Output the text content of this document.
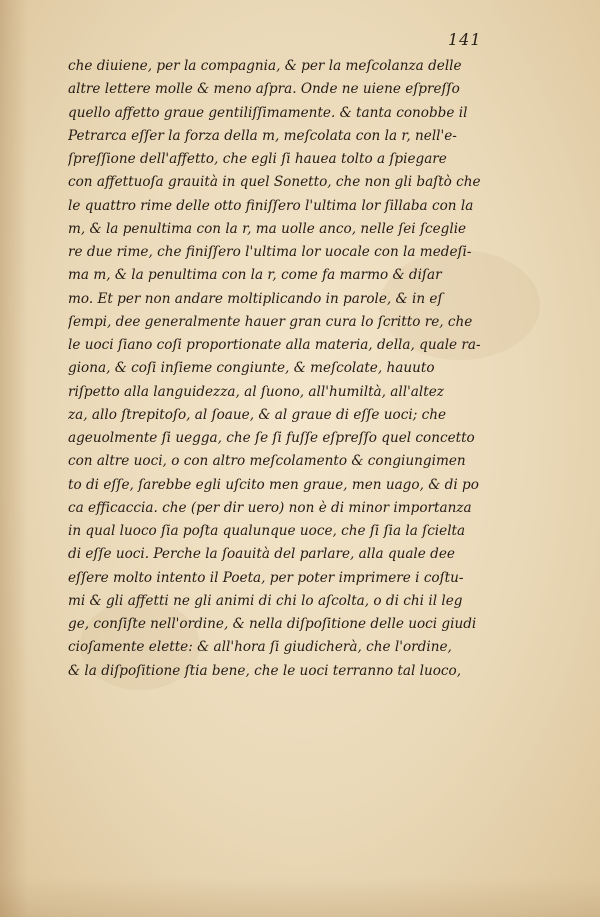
141
che diuiene, per la compagnia, & per la meſcolanza delle
altre lettere molle & meno aſpra. Onde ne uiene eſpreſſo
quello affetto graue gentiliſſimamente. & tanta conobbe il
Petrarca eſſer la forza della m, meſcolata con la r, nell'e-
ſpreſſione dell'affetto, che egli ſi hauea tolto a ſpiegare
con affettuoſa grauità in quel Sonetto, che non gli baſtò che
le quattro rime delle otto finiſſero l'ultima lor ſillaba con la
m, & la penultima con la r, ma uolle anco, nelle ſei ſceglie
re due rime, che finiſſero l'ultima lor uocale con la medeſi-
ma m, & la penultima con la r, come fa marmo & diſar
mo. Et per non andare moltiplicando in parole, & in eſ
ſempi, dee generalmente hauer gran cura lo ſcritto re, che
le uoci ſiano coſi proportionate alla materia, della, quale ra-
giona, & coſi inſieme congiunte, & meſcolate, hauuto
riſpetto alla languidezza, al ſuono, all'humiltà, all'altez
za, allo ſtrepitoſo, al ſoaue, & al graue di eſſe uoci; che
ageuolmente ſi uegga, che ſe ſi fuſſe eſpreſſo quel concetto
con altre uoci, o con altro meſcolamento & congiungimen
to di eſſe, ſarebbe egli uſcito men graue, men uago, & di po
ca efficaccia. che (per dir uero) non è di minor importanza
in qual luoco ſia poſta qualunque uoce, che ſi ſia la ſcielta
di eſſe uoci. Perche la ſoauità del parlare, alla quale dee
eſſere molto intento il Poeta, per poter imprimere i coſtu-
mi & gli affetti ne gli animi di chi lo aſcolta, o di chi il leg
ge, conſiſte nell'ordine, & nella diſpoſitione delle uoci giudi
cioſamente elette: & all'hora ſi giudicherà, che l'ordine,
& la diſpoſitione ſtia bene, che le uoci terranno tal luoco,
